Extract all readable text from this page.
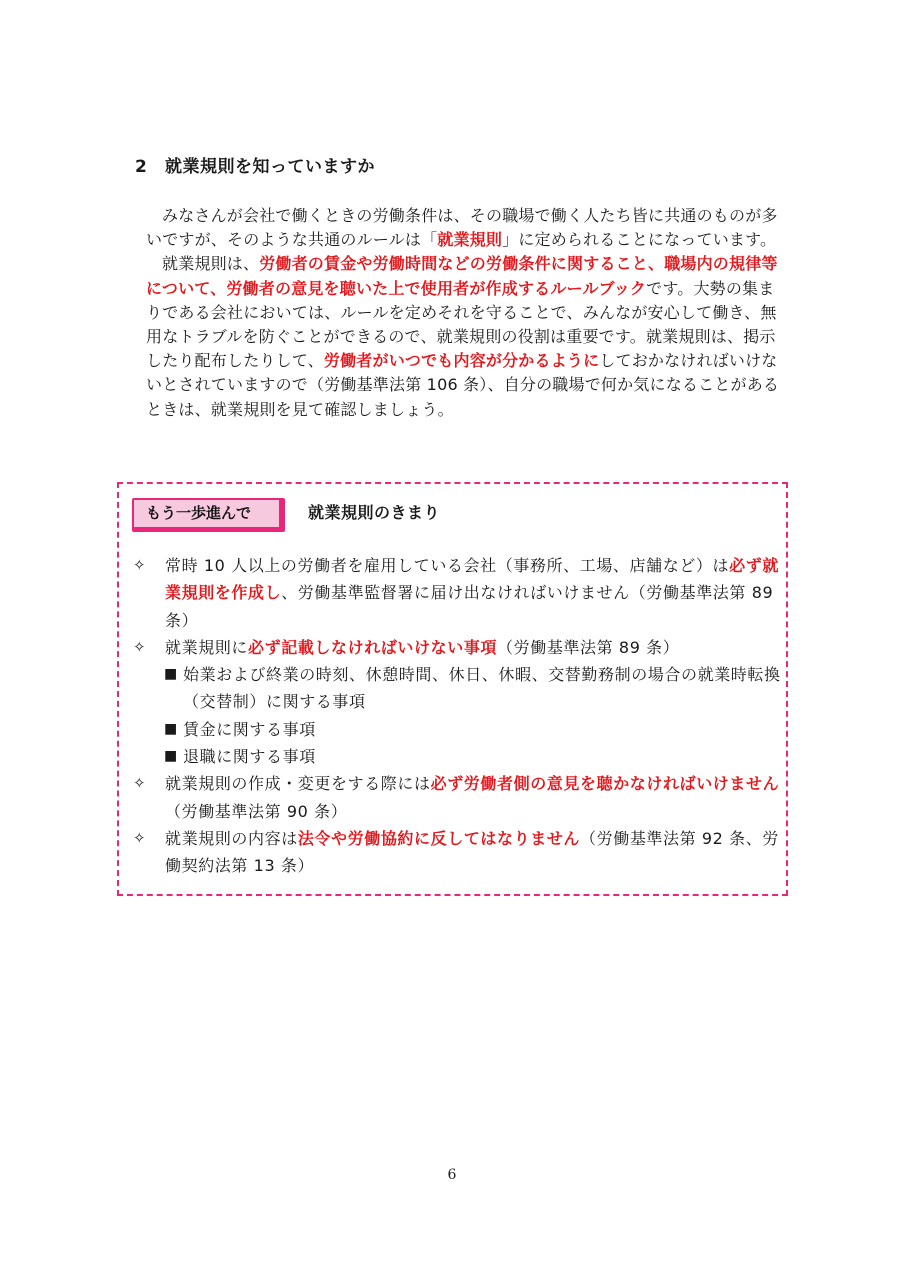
2 就業規則を知っていますか

みなさんが会社で働くときの労働条件は、その職場で働く人たち皆に共通のものが多いですが、そのような共通のルールは「就業規則」に定められることになっています。

就業規則は、労働者の賃金や労働時間などの労働条件に関すること、職場内の規律等について、労働者の意見を聴いた上で使用者が作成するルールブックです。大勢の集まりである会社においては、ルールを定めそれを守ることで、みんなが安心して働き、無用なトラブルを防ぐことができるので、就業規則の役割は重要です。就業規則は、掲示したり配布したりして、労働者がいつでも内容が分かるようにしておかなければいけないとされていますので（労働基準法第 106 条）、自分の職場で何か気になることがあるときは、就業規則を見て確認しましょう。

もう一歩進んで	就業規則のきまり
✧ 常時 10 人以上の労働者を雇用している会社（事務所、工場、店舗など）は必ず就業規則を作成し、労働基準監督署に届け出なければいけません（労働基準法第 89 条）
✧ 就業規則に必ず記載しなければいけない事項（労働基準法第 89 条）
■ 始業および終業の時刻、休憩時間、休日、休暇、交替勤務制の場合の就業時転換（交替制）に関する事項
■ 賃金に関する事項
■ 退職に関する事項
✧ 就業規則の作成・変更をする際には必ず労働者側の意見を聴かなければいけません（労働基準法第 90 条）
✧ 就業規則の内容は法令や労働協約に反してはなりません（労働基準法第 92 条、労働契約法第 13 条）
6
